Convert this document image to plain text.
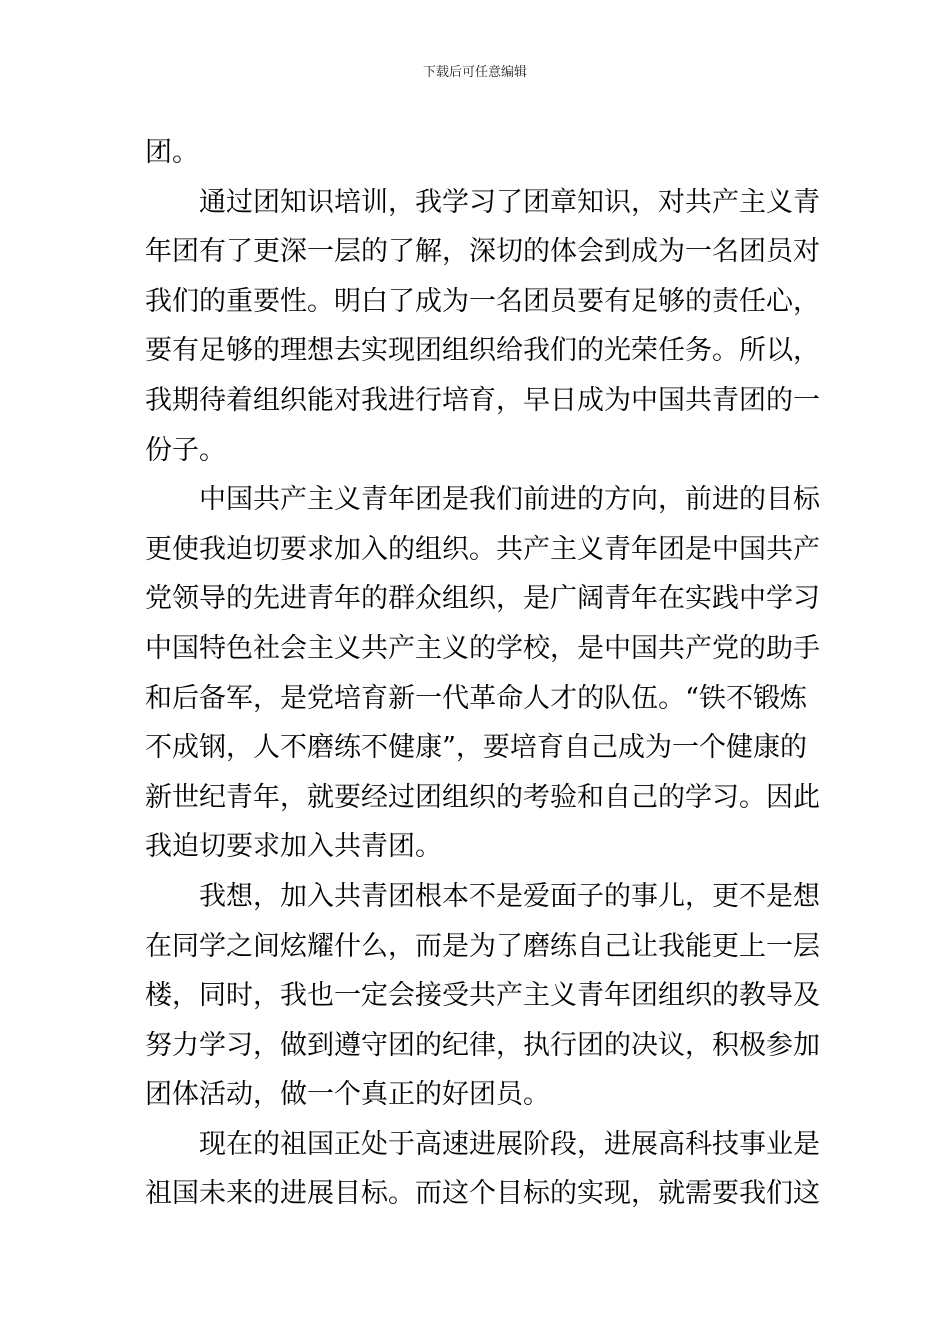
下载后可任意编辑
团。
通过团知识培训，我学习了团章知识，对共产主义青
年团有了更深一层的了解，深切的体会到成为一名团员对
我们的重要性。明白了成为一名团员要有足够的责任心，
要有足够的理想去实现团组织给我们的光荣任务。所以，
我期待着组织能对我进行培育，早日成为中国共青团的一
份子。
中国共产主义青年团是我们前进的方向，前进的目标
更使我迫切要求加入的组织。共产主义青年团是中国共产
党领导的先进青年的群众组织，是广阔青年在实践中学习
中国特色社会主义共产主义的学校，是中国共产党的助手
和后备军，是党培育新一代革命人才的队伍。“铁不锻炼
不成钢，人不磨练不健康”，要培育自己成为一个健康的
新世纪青年，就要经过团组织的考验和自己的学习。因此
我迫切要求加入共青团。
我想，加入共青团根本不是爱面子的事儿，更不是想
在同学之间炫耀什么，而是为了磨练自己让我能更上一层
楼，同时，我也一定会接受共产主义青年团组织的教导及
努力学习，做到遵守团的纪律，执行团的决议，积极参加
团体活动，做一个真正的好团员。
现在的祖国正处于高速进展阶段，进展高科技事业是
祖国未来的进展目标。而这个目标的实现，就需要我们这
